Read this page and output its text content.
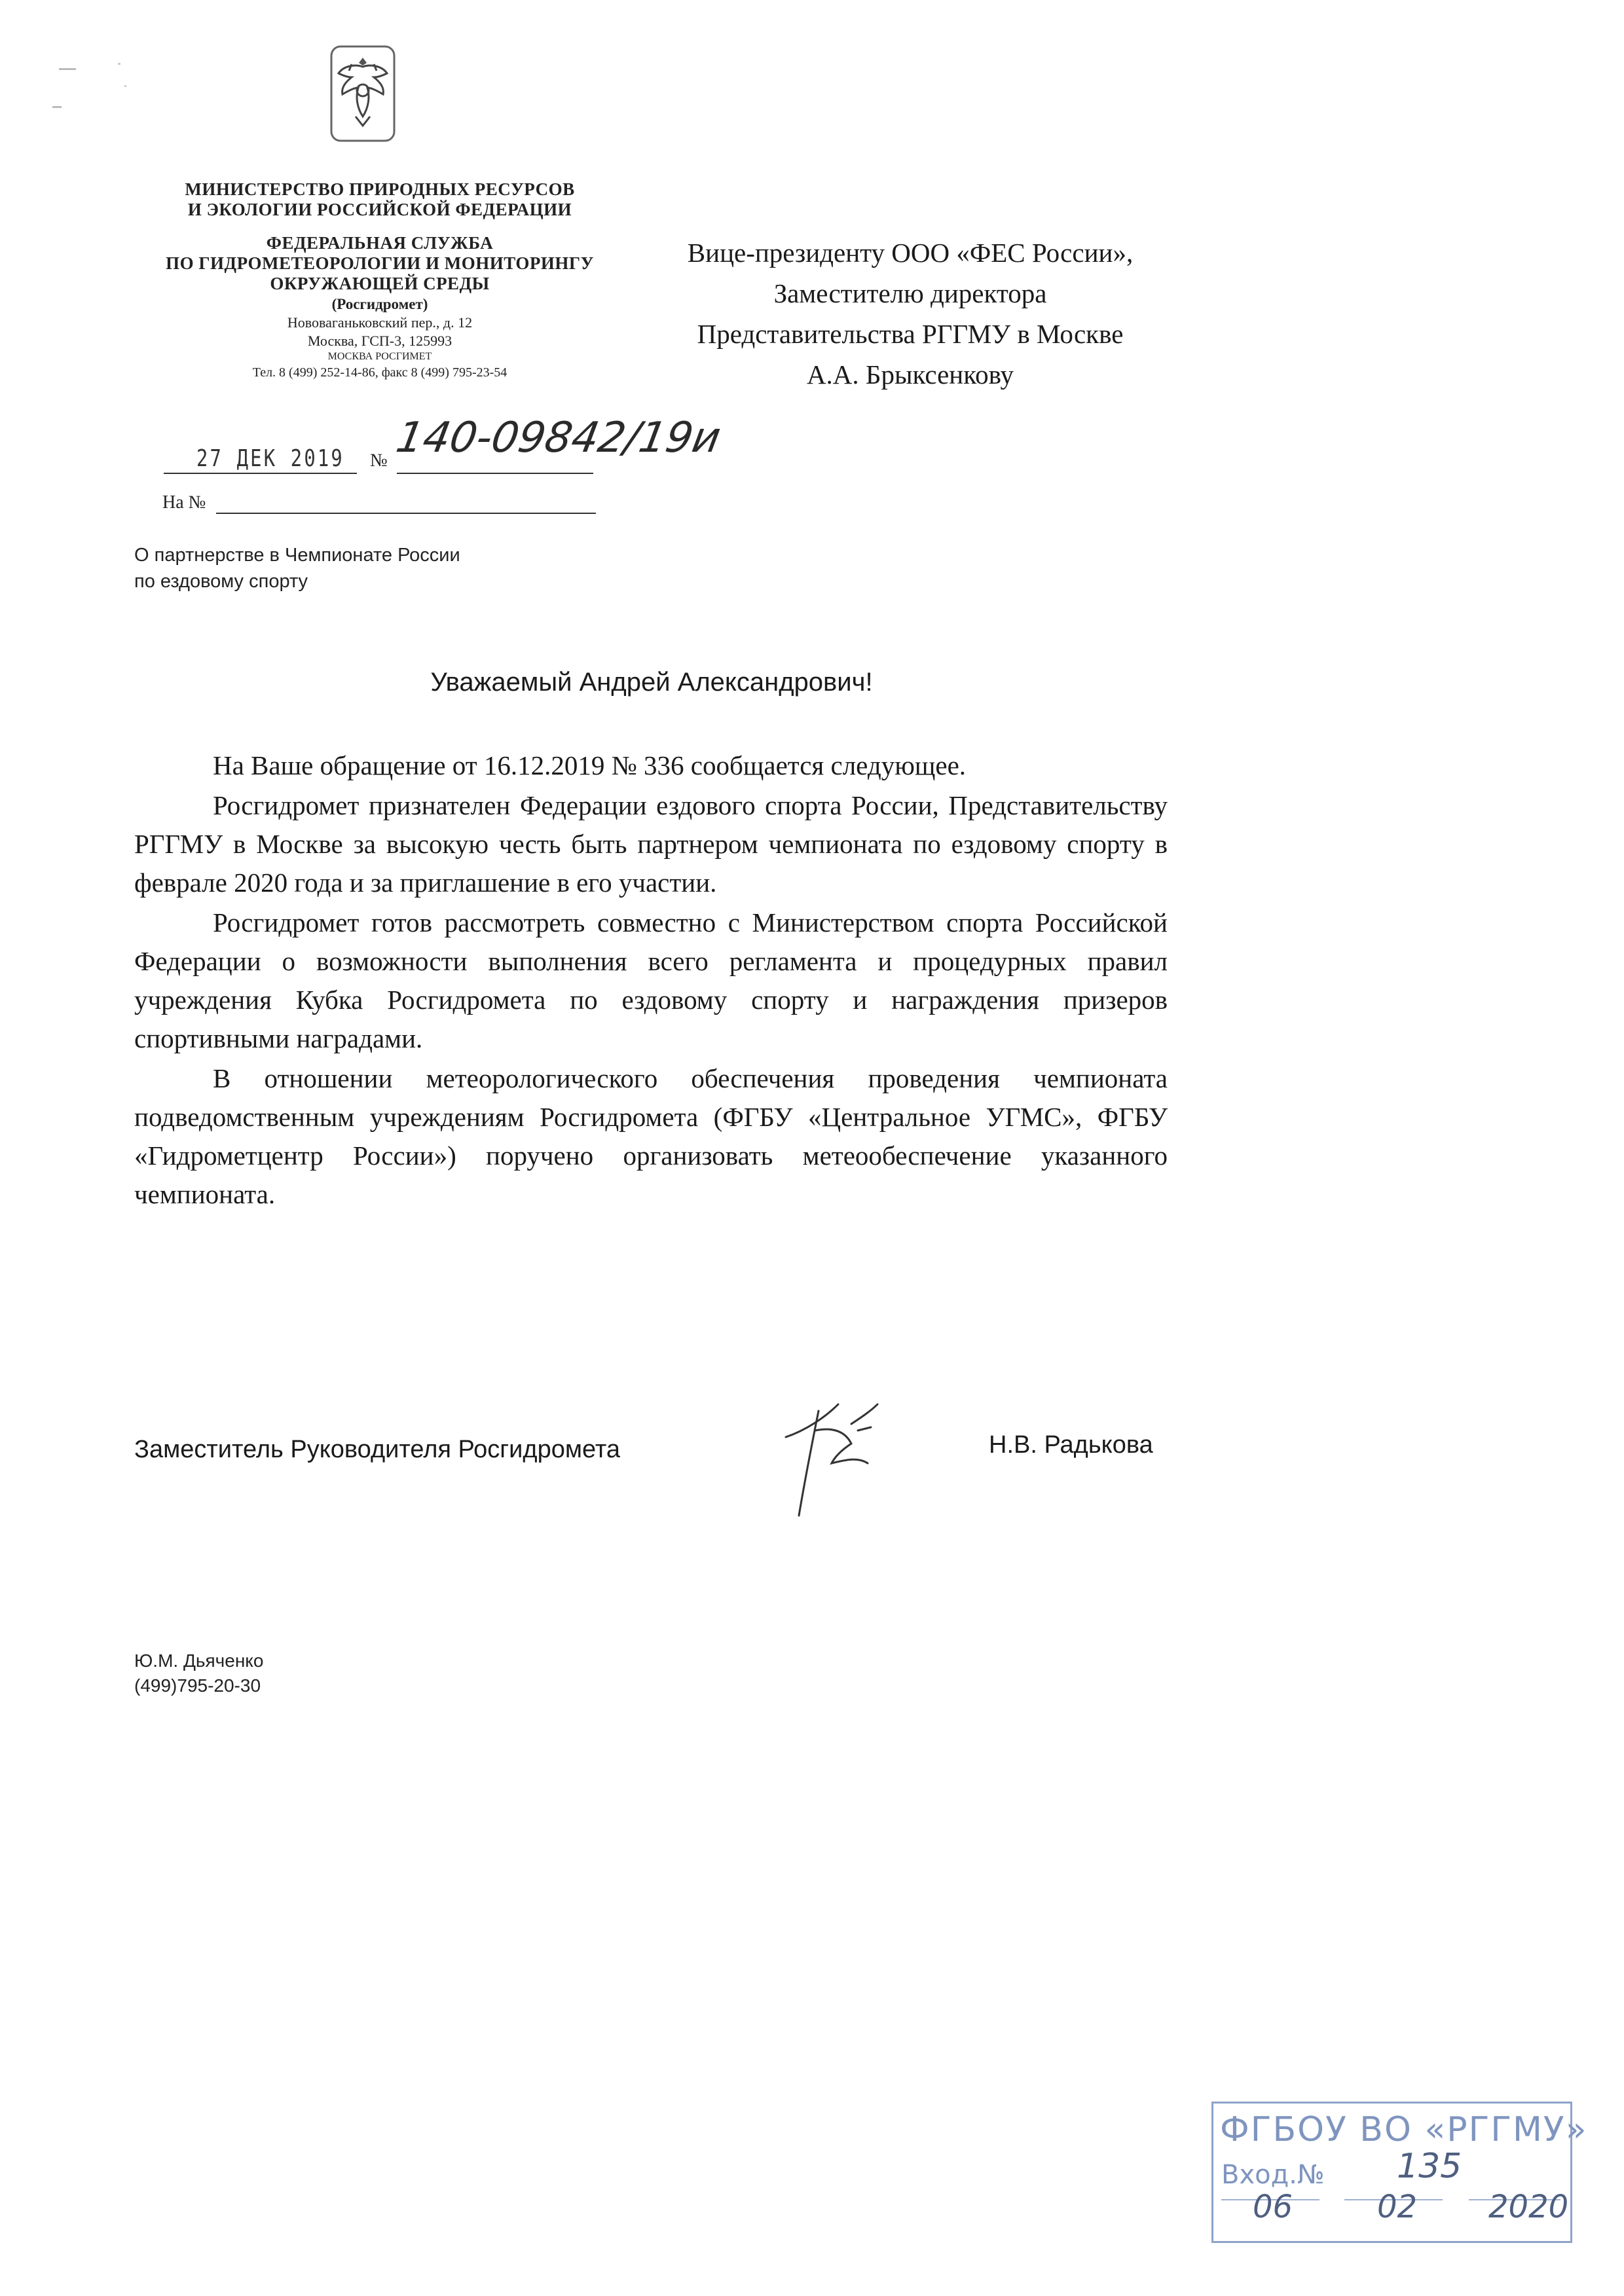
МИНИСТЕРСТВО ПРИРОДНЫХ РЕСУРСОВ
И ЭКОЛОГИИ РОССИЙСКОЙ ФЕДЕРАЦИИ
ФЕДЕРАЛЬНАЯ СЛУЖБА
ПО ГИДРОМЕТЕОРОЛОГИИ И МОНИТОРИНГУ
ОКРУЖАЮЩЕЙ СРЕДЫ
(Росгидромет)
Нововаганьковский пер., д. 12
Москва, ГСП-3, 125993
МОСКВА РОСГИМЕТ
Тел. 8 (499) 252-14-86, факс 8 (499) 795-23-54
27 ДЕК 2019 № 140-09842/19и
На №
О партнерстве в Чемпионате России
по ездовому спорту
Вице-президенту ООО «ФЕС России»,
Заместителю директора
Представительства РГГМУ в Москве
А.А. Брыксенкову
Уважаемый Андрей Александрович!

На Ваше обращение от 16.12.2019 № 336 сообщается следующее.

Росгидромет признателен Федерации ездового спорта России, Представительству РГГМУ в Москве за высокую честь быть партнером чемпионата по ездовому спорту в феврале 2020 года и за приглашение в его участии.

Росгидромет готов рассмотреть совместно с Министерством спорта Российской Федерации о возможности выполнения всего регламента и процедурных правил учреждения Кубка Росгидромета по ездовому спорту и награждения призеров спортивными наградами.

В отношении метеорологического обеспечения проведения чемпионата подведомственным учреждениям Росгидромета (ФГБУ «Центральное УГМС», ФГБУ «Гидрометцентр России») поручено организовать метеообеспечение указанного чемпионата.

Заместитель Руководителя Росгидромета	Н.В. Радькова
Ю.М. Дьяченко
(499)795-20-30
ФГБОУ ВО «РГГМУ»
Вход.№ 135
06	02 2020
